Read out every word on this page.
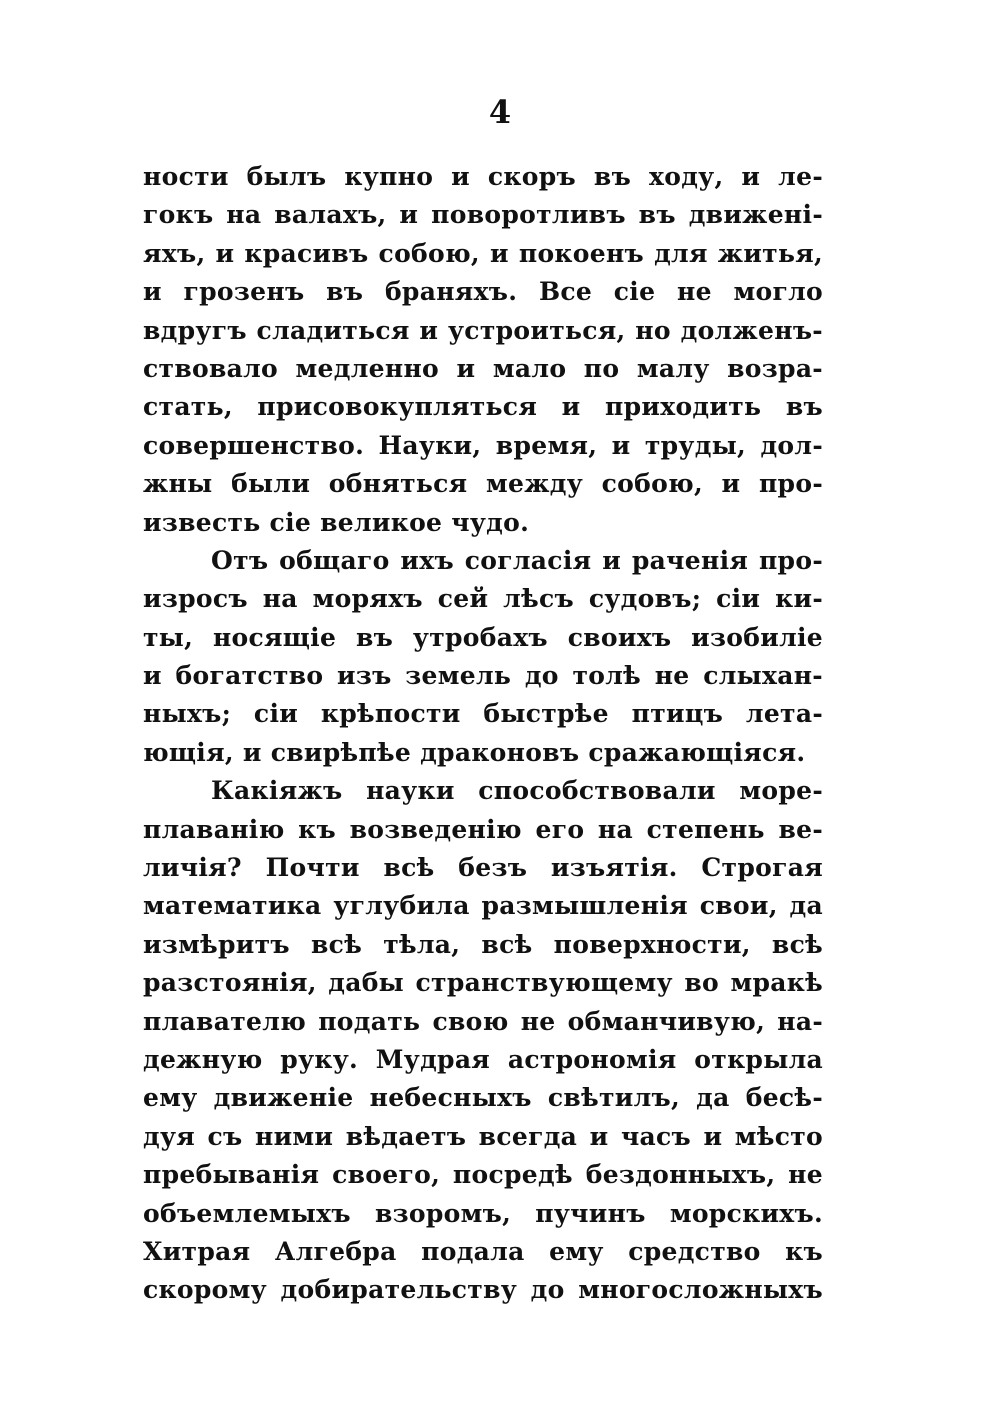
4
ности былъ купно и скоръ въ ходу, и ле-
гокъ на валахъ, и поворотливъ въ движені-
яхъ, и красивъ собою, и покоенъ для житья,
и грозенъ въ браняхъ. Все сіе не могло
вдругъ сладиться и устроиться, но долженъ-
ствовало медленно и мало по малу возра-
стать, присовокупляться и приходить въ
совершенство. Науки, время, и труды, дол-
жны были обняться между собою, и про-
известь сіе великое чудо.
Отъ общаго ихъ согласія и раченія про-
изросъ на моряхъ сей лѣсъ судовъ; сіи ки-
ты, носящіе въ утробахъ своихъ изобиліе
и богатство изъ земель до толѣ не слыхан-
ныхъ; сіи крѣпости быстрѣе птицъ лета-
ющія, и свирѣпѣе драконовъ сражающіяся.
Какіяжъ науки способствовали море-
плаванію къ возведенію его на степень ве-
личія? Почти всѣ безъ изъятія. Строгая
математика углубила размышленія свои, да
измѣритъ всѣ тѣла, всѣ поверхности, всѣ
разстоянія, дабы странствующему во мракѣ
плавателю подать свою не обманчивую, на-
дежную руку. Мудрая астрономія открыла
ему движеніе небесныхъ свѣтилъ, да бесѣ-
дуя съ ними вѣдаетъ всегда и часъ и мѣсто
пребыванія своего, посредѣ бездонныхъ, не
объемлемыхъ взоромъ, пучинъ морскихъ.
Хитрая Алгебра подала ему средство къ
скорому добирательству до многосложныхъ
